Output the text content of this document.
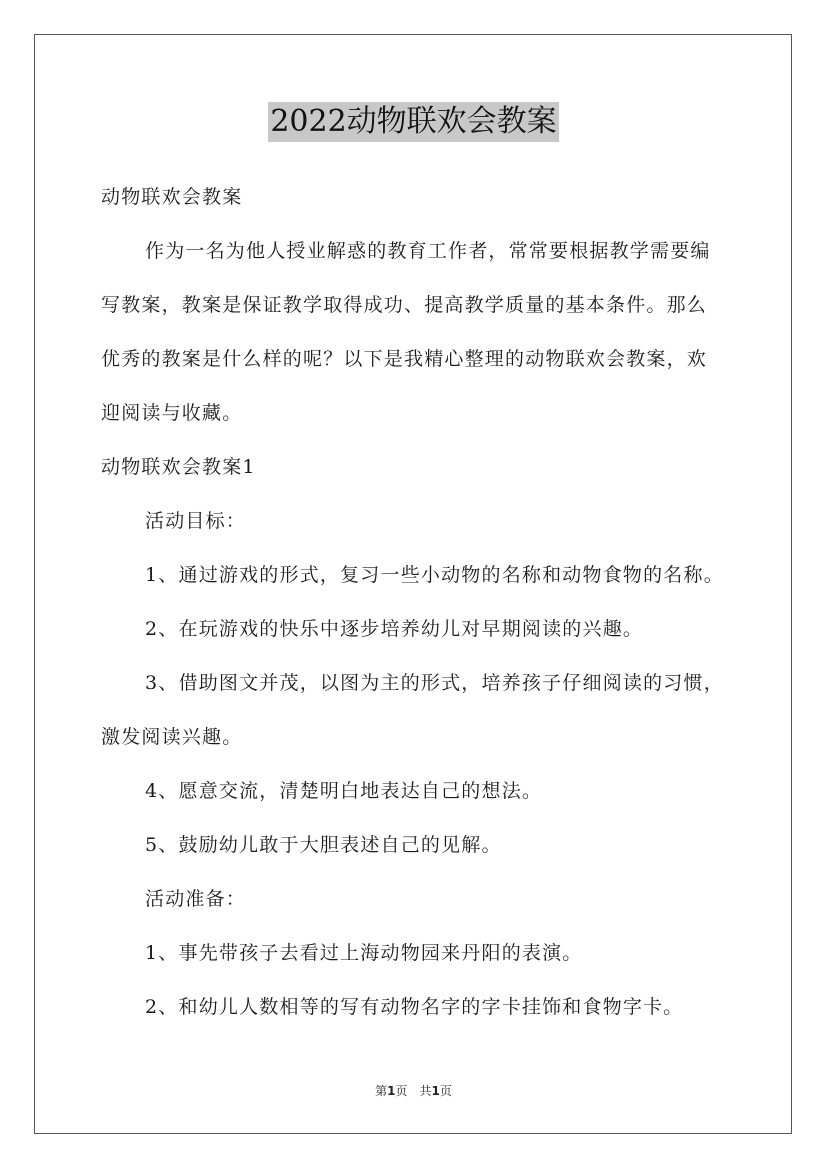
2022动物联欢会教案
动物联欢会教案
作为一名为他人授业解惑的教育工作者，常常要根据教学需要编
写教案，教案是保证教学取得成功、提高教学质量的基本条件。那么
优秀的教案是什么样的呢？以下是我精心整理的动物联欢会教案，欢
迎阅读与收藏。
动物联欢会教案1
活动目标：
1、通过游戏的形式，复习一些小动物的名称和动物食物的名称。
2、在玩游戏的快乐中逐步培养幼儿对早期阅读的兴趣。
3、借助图文并茂，以图为主的形式，培养孩子仔细阅读的习惯，
激发阅读兴趣。
4、愿意交流，清楚明白地表达自己的想法。
5、鼓励幼儿敢于大胆表述自己的见解。
活动准备：
1、事先带孩子去看过上海动物园来丹阳的表演。
2、和幼儿人数相等的写有动物名字的字卡挂饰和食物字卡。
第1页 共1页
